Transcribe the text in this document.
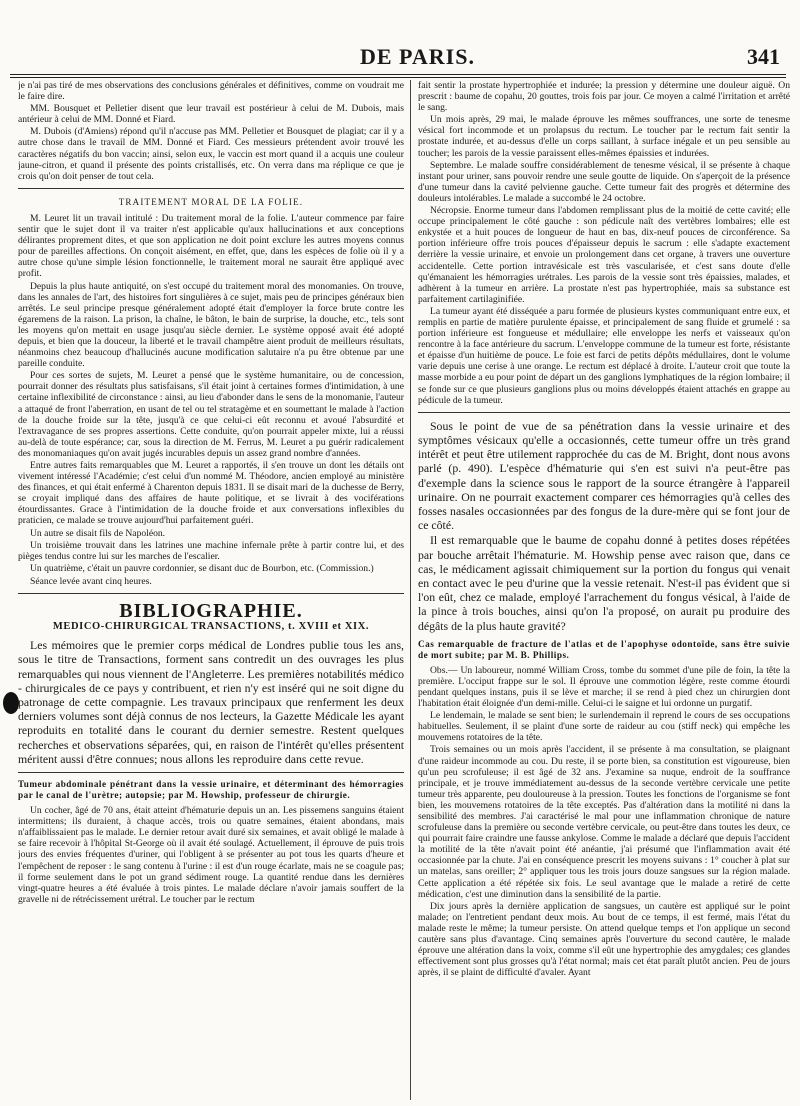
DE PARIS.	341

je n'ai pas tiré de mes observations des conclusions générales et définitives, comme on voudrait me le faire dire.

MM. Bousquet et Pelletier disent que leur travail est postérieur à celui de M. Dubois, mais antérieur à celui de MM. Donné et Fiard.

M. Dubois (d'Amiens) répond qu'il n'accuse pas MM. Pelletier et Bousquet de plagiat; car il y a autre chose dans le travail de MM. Donné et Fiard. Ces messieurs prétendent avoir trouvé les caractères négatifs du bon vaccin; ainsi, selon eux, le vaccin est mort quand il a acquis une couleur jaune-citron, et quand il présente des points cristallisés, etc. On verra dans ma réplique ce que je crois qu'on doit penser de tout cela.

TRAITEMENT MORAL DE LA FOLIE.

M. Leuret lit un travail intitulé : Du traitement moral de la folie. L'auteur commence par faire sentir que le sujet dont il va traiter n'est applicable qu'aux hallucinations et aux conceptions délirantes proprement dites, et que son application ne doit point exclure les autres moyens connus pour de pareilles affections. On conçoit aisément, en effet, que, dans les espèces de folie où il y a autre chose qu'une simple lésion fonctionnelle, le traitement moral ne saurait être appliqué avec profit.

Depuis la plus haute antiquité, on s'est occupé du traitement moral des monomanies. On trouve, dans les annales de l'art, des histoires fort singulières à ce sujet, mais peu de principes généraux bien arrêtés. Le seul principe presque généralement adopté était d'employer la force brute contre les égaremens de la raison. La prison, la chaîne, le bâton, le bain de surprise, la douche, etc., tels sont les moyens qu'on mettait en usage jusqu'au siècle dernier. Le système opposé avait été adopté depuis, et bien que la douceur, la liberté et le travail champêtre aient produit de meilleurs résultats, néanmoins chez beaucoup d'hallucinés aucune modification salutaire n'a pu être obtenue par une pareille conduite.

Pour ces sortes de sujets, M. Leuret a pensé que le système humanitaire, ou de concession, pourrait donner des résultats plus satisfaisans, s'il était joint à certaines formes d'intimidation, à une certaine inflexibilité de circonstance : ainsi, au lieu d'abonder dans le sens de la monomanie, l'auteur a attaqué de front l'aberration, en usant de tel ou tel stratagème et en soumettant le malade à l'action de la douche froide sur la tête, jusqu'à ce que celui-ci eût reconnu et avoué l'absurdité et l'extravagance de ses propres assertions. Cette conduite, qu'on pourrait appeler mixte, lui a réussi au-delà de toute espérance; car, sous la direction de M. Ferrus, M. Leuret a pu guérir radicalement des monomaniaques qu'on avait jugés incurables depuis un assez grand nombre d'années.

Entre autres faits remarquables que M. Leuret a rapportés, il s'en trouve un dont les détails ont vivement intéressé l'Académie; c'est celui d'un nommé M. Théodore, ancien employé au ministère des finances, et qui était enfermé à Charenton depuis 1831. Il se disait mari de la duchesse de Berry, se croyait impliqué dans des affaires de haute politique, et se livrait à des vociférations étourdissantes. Grace à l'intimidation de la douche froide et aux conversations inflexibles du praticien, ce malade se trouve aujourd'hui parfaitement guéri.

Un autre se disait fils de Napoléon.

Un troisième trouvait dans les latrines une machine infernale prête à partir contre lui, et des pièges tendus contre lui sur les marches de l'escalier.

Un quatrième, c'était un pauvre cordonnier, se disant duc de Bourbon, etc. (Commission.)

Séance levée avant cinq heures.

BIBLIOGRAPHIE.
MEDICO-CHIRURGICAL TRANSACTIONS, t. XVIII et XIX.

Les mémoires que le premier corps médical de Londres publie tous les ans, sous le titre de Transactions, forment sans contredit un des ouvrages les plus remarquables qui nous viennent de l'Angleterre. Les premières notabilités médico - chirurgicales de ce pays y contribuent, et rien n'y est inséré qui ne soit digne du patronage de cette compagnie. Les travaux principaux que renferment les deux derniers volumes sont déjà connus de nos lecteurs, la Gazette Médicale les ayant reproduits en totalité dans le courant du dernier semestre. Restent quelques recherches et observations séparées, qui, en raison de l'intérêt qu'elles présentent méritent aussi d'être connues; nous allons les reproduire dans cette revue.

Tumeur abdominale pénétrant dans la vessie urinaire, et déterminant des hémorragies par le canal de l'urètre; autopsie; par M. Howship, professeur de chirurgie.

Un cocher, âgé de 70 ans, était atteint d'hématurie depuis un an. Les pissemens sanguins étaient intermittens; ils duraient, à chaque accès, trois ou quatre semaines, étaient abondans, mais n'affaiblissaient pas le malade. Le dernier retour avait duré six semaines, et avait obligé le malade à se faire recevoir à l'hôpital St-George où il avait été soulagé. Actuellement, il éprouve de puis trois jours des envies fréquentes d'uriner, qui l'obligent à se présenter au pot tous les quarts d'heure et l'empêchent de reposer : le sang contenu à l'urine : il est d'un rouge écarlate, mais ne se coagule pas; il forme seulement dans le pot un grand sédiment rouge. La quantité rendue dans les dernières vingt-quatre heures a été évaluée à trois pintes. Le malade déclare n'avoir jamais souffert de la gravelle ni de rétrécissement urétral. Le toucher par le rectum

fait sentir la prostate hypertrophiée et indurée; la pression y détermine une douleur aiguë. On prescrit : baume de copahu, 20 gouttes, trois fois par jour. Ce moyen a calmé l'irritation et arrêté le sang.

Un mois après, 29 mai, le malade éprouve les mêmes souffrances, une sorte de tenesme vésical fort incommode et un prolapsus du rectum. Le toucher par le rectum fait sentir la prostate indurée, et au-dessus d'elle un corps saillant, à surface inégale et un peu sensible au toucher; les parois de la vessie paraissent elles-mêmes épaissies et indurées.

Septembre. Le malade souffre considérablement de tenesme vésical, il se présente à chaque instant pour uriner, sans pouvoir rendre une seule goutte de liquide. On s'aperçoit de la présence d'une tumeur dans la cavité pelvienne gauche. Cette tumeur fait des progrès et détermine des douleurs intolérables. Le malade a succombé le 24 octobre.

Nécropsie. Enorme tumeur dans l'abdomen remplissant plus de la moitié de cette cavité; elle occupe principalement le côté gauche : son pédicule naît des vertèbres lombaires; elle est enkystée et a huit pouces de longueur de haut en bas, dix-neuf pouces de circonférence. Sa portion inférieure offre trois pouces d'épaisseur depuis le sacrum : elle s'adapte exactement derrière la vessie urinaire, et envoie un prolongement dans cet organe, à travers une ouverture accidentelle. Cette portion intravésicale est très vascularisée, et c'est sans doute d'elle qu'émanaient les hémorragies urétrales. Les parois de la vessie sont très épaissies, malades, et adhèrent à la tumeur en arrière. La prostate n'est pas hypertrophiée, mais sa substance est parfaitement cartilaginifiée.

La tumeur ayant été disséquée a paru formée de plusieurs kystes communiquant entre eux, et remplis en partie de matière purulente épaisse, et principalement de sang fluide et grumelé : sa portion inférieure est fongueuse et médullaire; elle enveloppe les nerfs et vaisseaux qu'on rencontre à la face antérieure du sacrum. L'enveloppe commune de la tumeur est forte, résistante et épaisse d'un huitième de pouce. Le foie est farci de petits dépôts médullaires, dont le volume varie depuis une cerise à une orange. Le rectum est déplacé à droite. L'auteur croit que toute la masse morbide a eu pour point de départ un des ganglions lymphatiques de la région lombaire; il se fonde sur ce que plusieurs ganglions plus ou moins développés étaient attachés en grappe au pédicule de la tumeur.

Sous le point de vue de sa pénétration dans la vessie urinaire et des symptômes vésicaux qu'elle a occasionnés, cette tumeur offre un très grand intérêt et peut être utilement rapprochée du cas de M. Bright, dont nous avons parlé (p. 490). L'espèce d'hématurie qui s'en est suivi n'a peut-être pas d'exemple dans la science sous le rapport de la source étrangère à l'appareil urinaire. On ne pourrait exactement comparer ces hémorragies qu'à celles des fosses nasales occasionnées par des fongus de la dure-mère qui se font jour de ce côté.

Il est remarquable que le baume de copahu donné à petites doses répétées par bouche arrêtait l'hématurie. M. Howship pense avec raison que, dans ce cas, le médicament agissait chimiquement sur la portion du fongus qui venait en contact avec le peu d'urine que la vessie retenait. N'est-il pas évident que si l'on eût, chez ce malade, employé l'arrachement du fongus vésical, à l'aide de la pince à trois bouches, ainsi qu'on l'a proposé, on aurait pu produire des dégâts de la plus haute gravité?

Cas remarquable de fracture de l'atlas et de l'apophyse odontoïde, sans être suivie de mort subite; par M. B. Phillips.

Obs.— Un laboureur, nommé William Cross, tombe du sommet d'une pile de foin, la tête la première. L'occiput frappe sur le sol. Il éprouve une commotion légère, reste comme étourdi pendant quelques instans, puis il se lève et marche; il se rend à pied chez un chirurgien dont l'habitation était éloignée d'un demi-mille. Celui-ci le saigne et lui ordonne un purgatif.

Le lendemain, le malade se sent bien; le surlendemain il reprend le cours de ses occupations habituelles. Seulement, il se plaint d'une sorte de raideur au cou (stiff neck) qui empêche les mouvemens rotatoires de la tête.

Trois semaines ou un mois après l'accident, il se présente à ma consultation, se plaignant d'une raideur incommode au cou. Du reste, il se porte bien, sa constitution est vigoureuse, bien qu'un peu scrofuleuse; il est âgé de 32 ans. J'examine sa nuque, endroit de la souffrance principale, et je trouve immédiatement au-dessus de la seconde vertèbre cervicale une petite tumeur très apparente, peu douloureuse à la pression. Toutes les fonctions de l'organisme se font bien, les mouvemens rotatoires de la tête exceptés. Pas d'altération dans la motilité ni dans la sensibilité des membres. J'ai caractérisé le mal pour une inflammation chronique de nature scrofuleuse dans la première ou seconde vertèbre cervicale, ou peut-être dans toutes les deux, ce qui pourrait faire craindre une fausse ankylose. Comme le malade a déclaré que depuis l'accident la motilité de la tête n'avait point été anéantie, j'ai présumé que l'inflammation avait été occasionnée par la chute. J'ai en conséquence prescrit les moyens suivans : 1° coucher à plat sur un matelas, sans oreiller; 2° appliquer tous les trois jours douze sangsues sur la région malade. Cette application a été répétée six fois. Le seul avantage que le malade a retiré de cette médication, c'est une diminution dans la sensibilité de la partie.

Dix jours après la dernière application de sangsues, un cautère est appliqué sur le point malade; on l'entretient pendant deux mois. Au bout de ce temps, il est fermé, mais l'état du malade reste le même; la tumeur persiste. On attend quelque temps et l'on applique un second cautère sans plus d'avantage. Cinq semaines après l'ouverture du second cautère, le malade éprouve une altération dans la voix, comme s'il eût une hypertrophie des amygdales; ces glandes effectivement sont plus grosses qu'à l'état normal; mais cet état paraît plutôt ancien. Peu de jours après, il se plaint de difficulté d'avaler. Ayant
